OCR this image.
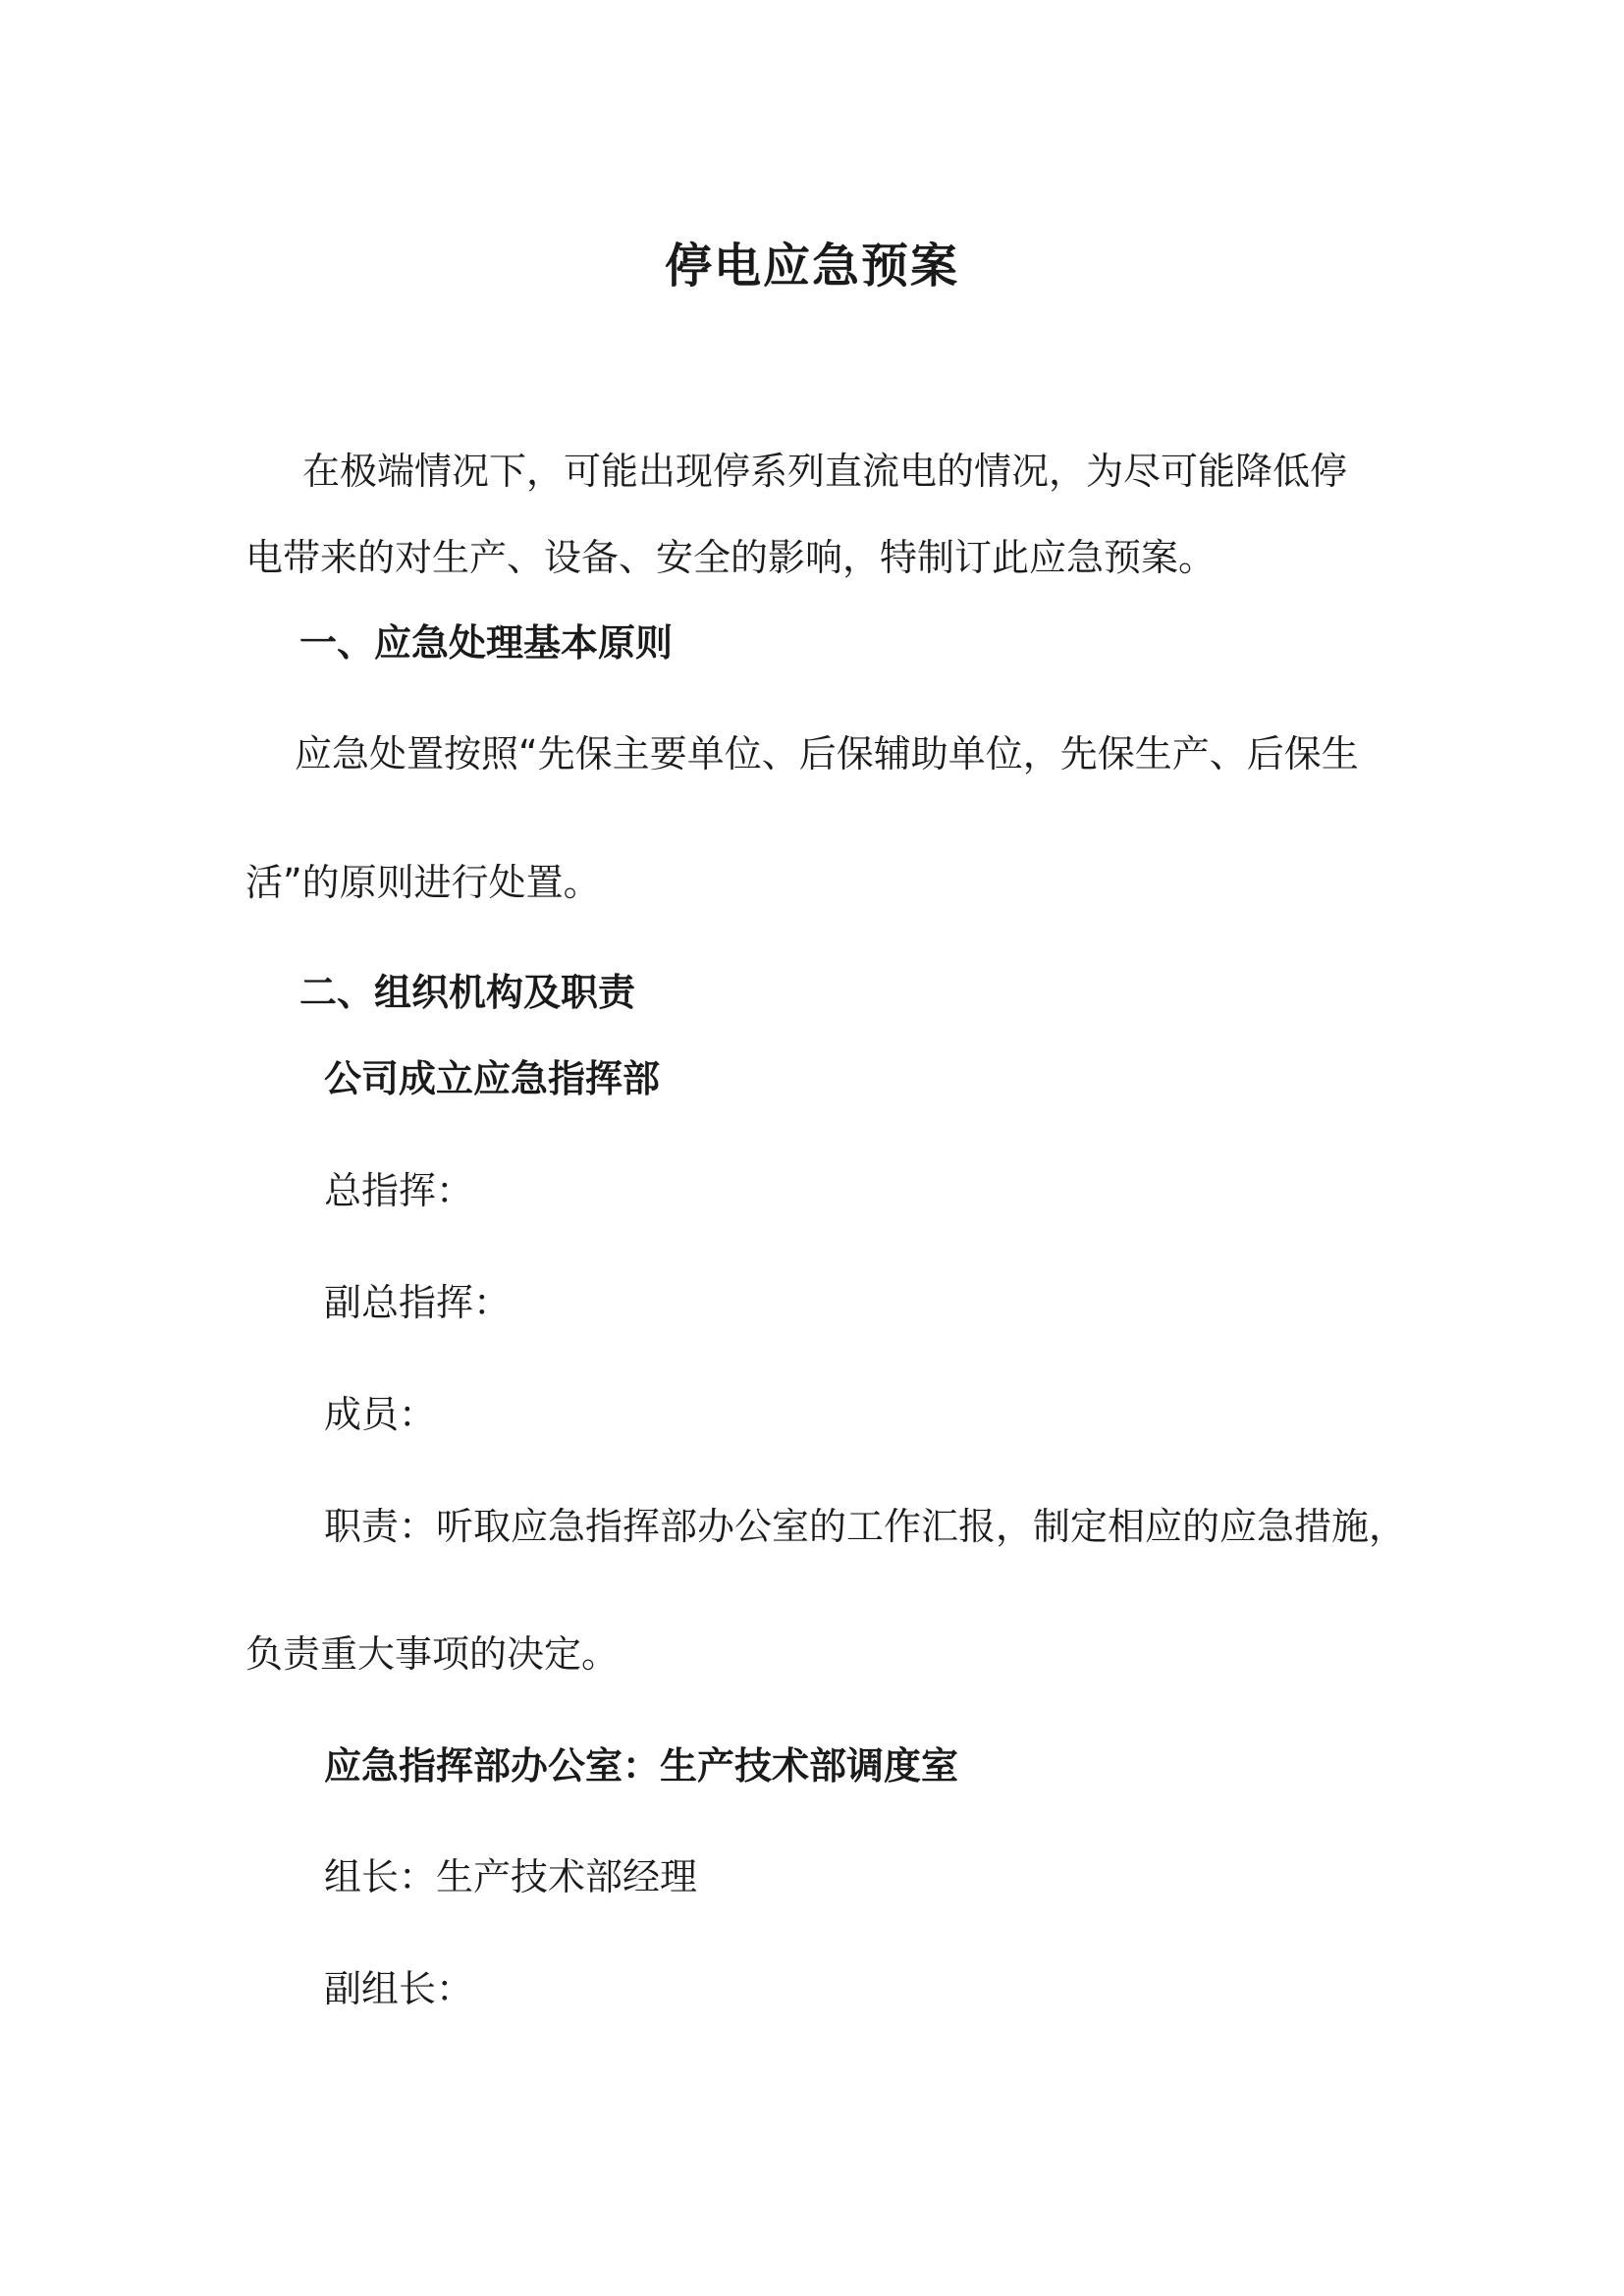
停电应急预案
在极端情况下，可能出现停系列直流电的情况，为尽可能降低停
电带来的对生产、设备、安全的影响，特制订此应急预案。
一、应急处理基本原则
应急处置按照“先保主要单位、后保辅助单位，先保生产、后保生
活”的原则进行处置。
二、组织机构及职责
公司成立应急指挥部
总指挥：
副总指挥：
成员：
职责：听取应急指挥部办公室的工作汇报，制定相应的应急措施，
负责重大事项的决定。
应急指挥部办公室：生产技术部调度室
组长：生产技术部经理
副组长：
